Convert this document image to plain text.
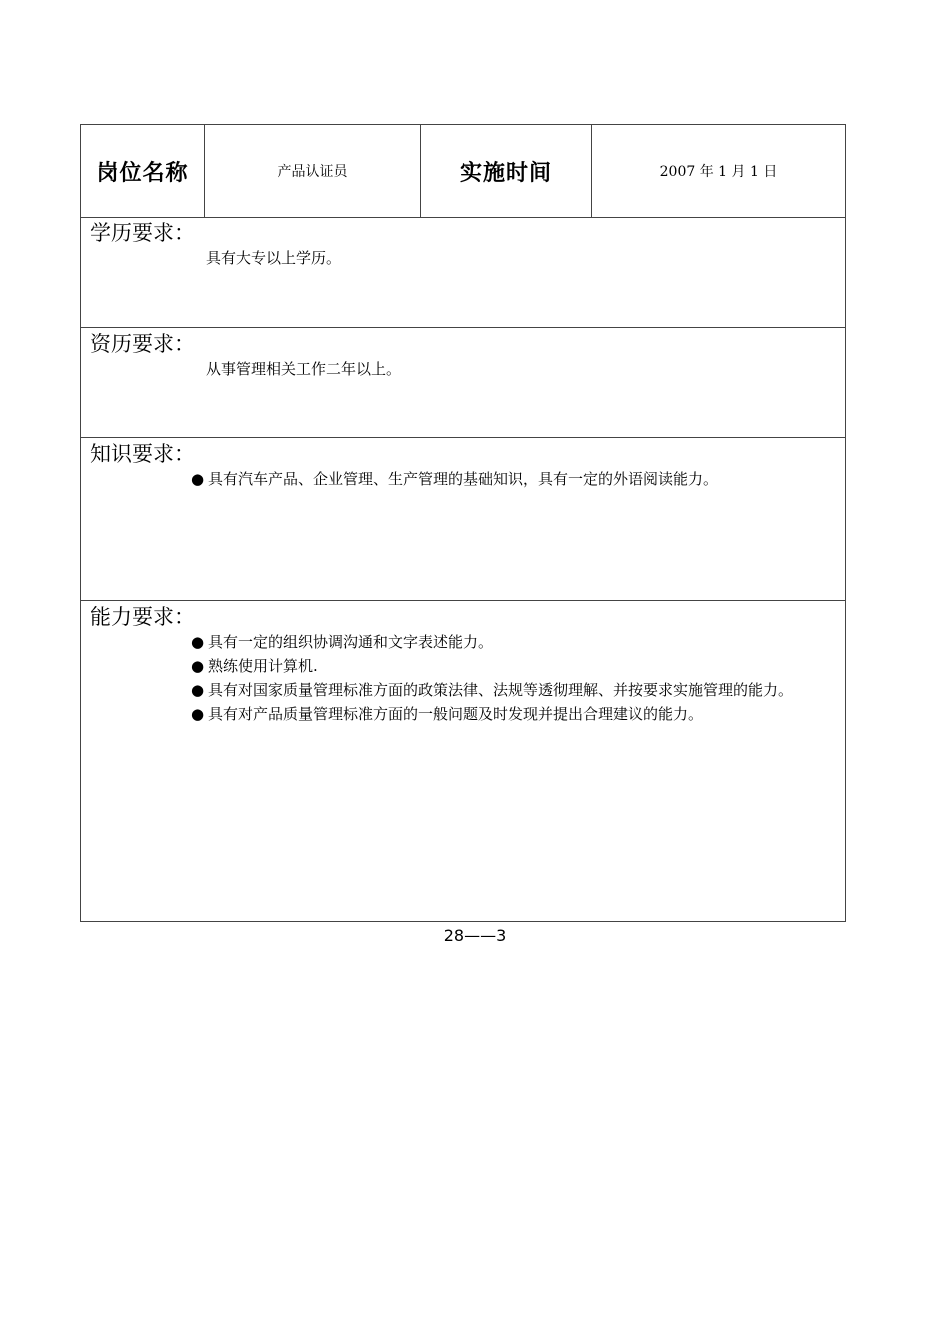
岗位名称	产品认证员	实施时间	2007 年 1 月 1 日
学历要求：
具有大专以上学历。
资历要求：
从事管理相关工作二年以上。
知识要求：
● 具有汽车产品、企业管理、生产管理的基础知识，具有一定的外语阅读能力。
能力要求：
● 具有一定的组织协调沟通和文字表述能力。
● 熟练使用计算机.
● 具有对国家质量管理标准方面的政策法律、法规等透彻理解、并按要求实施管理的能力。
● 具有对产品质量管理标准方面的一般问题及时发现并提出合理建议的能力。
28——3
